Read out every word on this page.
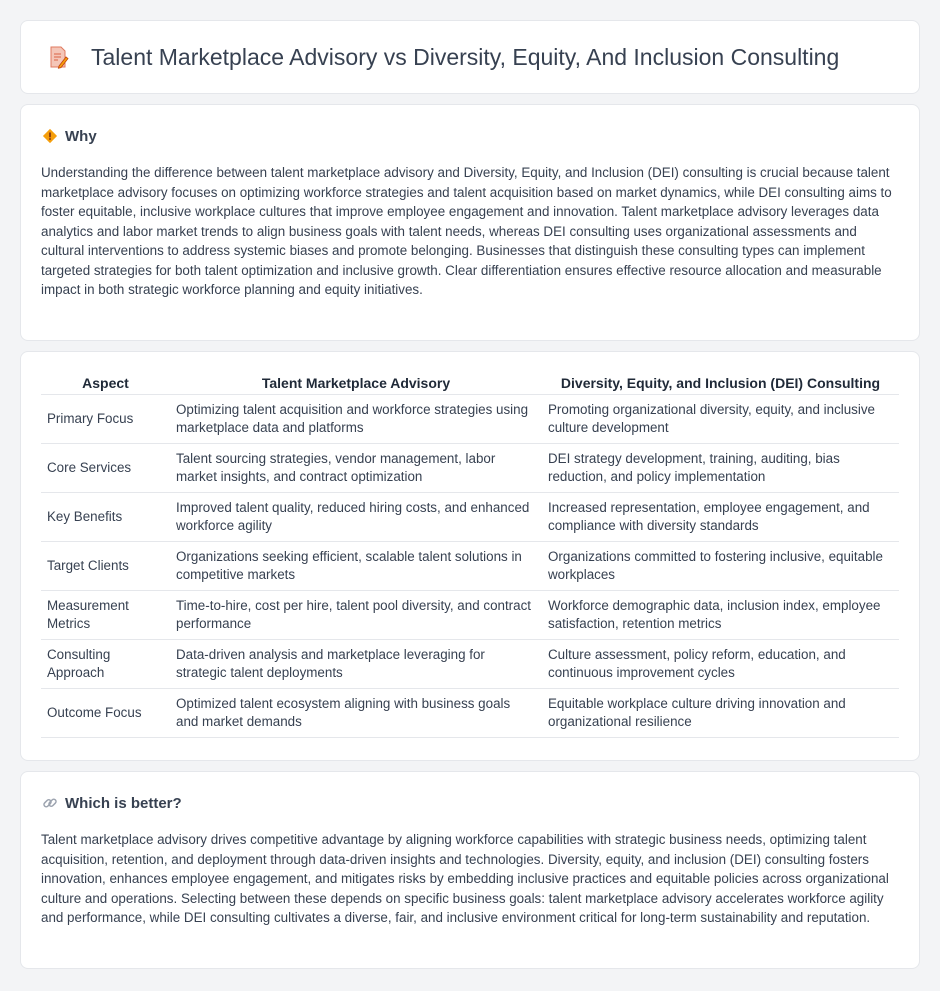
Talent Marketplace Advisory vs Diversity, Equity, And Inclusion Consulting
Why

Understanding the difference between talent marketplace advisory and Diversity, Equity, and Inclusion (DEI) consulting is crucial because talent marketplace advisory focuses on optimizing workforce strategies and talent acquisition based on market dynamics, while DEI consulting aims to foster equitable, inclusive workplace cultures that improve employee engagement and innovation. Talent marketplace advisory leverages data analytics and labor market trends to align business goals with talent needs, whereas DEI consulting uses organizational assessments and cultural interventions to address systemic biases and promote belonging. Businesses that distinguish these consulting types can implement targeted strategies for both talent optimization and inclusive growth. Clear differentiation ensures effective resource allocation and measurable impact in both strategic workforce planning and equity initiatives.

Aspect	Talent Marketplace Advisory	Diversity, Equity, and Inclusion (DEI) Consulting
Primary Focus	Optimizing talent acquisition and workforce strategies using marketplace data and platforms	Promoting organizational diversity, equity, and inclusive culture development
Core Services	Talent sourcing strategies, vendor management, labor market insights, and contract optimization	DEI strategy development, training, auditing, bias reduction, and policy implementation
Key Benefits	Improved talent quality, reduced hiring costs, and enhanced workforce agility	Increased representation, employee engagement, and compliance with diversity standards
Target Clients	Organizations seeking efficient, scalable talent solutions in competitive markets	Organizations committed to fostering inclusive, equitable workplaces
Measurement Metrics	Time-to-hire, cost per hire, talent pool diversity, and contract performance	Workforce demographic data, inclusion index, employee satisfaction, retention metrics
Consulting Approach	Data-driven analysis and marketplace leveraging for strategic talent deployments	Culture assessment, policy reform, education, and continuous improvement cycles
Outcome Focus	Optimized talent ecosystem aligning with business goals and market demands	Equitable workplace culture driving innovation and organizational resilience
Which is better?

Talent marketplace advisory drives competitive advantage by aligning workforce capabilities with strategic business needs, optimizing talent acquisition, retention, and deployment through data-driven insights and technologies. Diversity, equity, and inclusion (DEI) consulting fosters innovation, enhances employee engagement, and mitigates risks by embedding inclusive practices and equitable policies across organizational culture and operations. Selecting between these depends on specific business goals: talent marketplace advisory accelerates workforce agility and performance, while DEI consulting cultivates a diverse, fair, and inclusive environment critical for long-term sustainability and reputation.
